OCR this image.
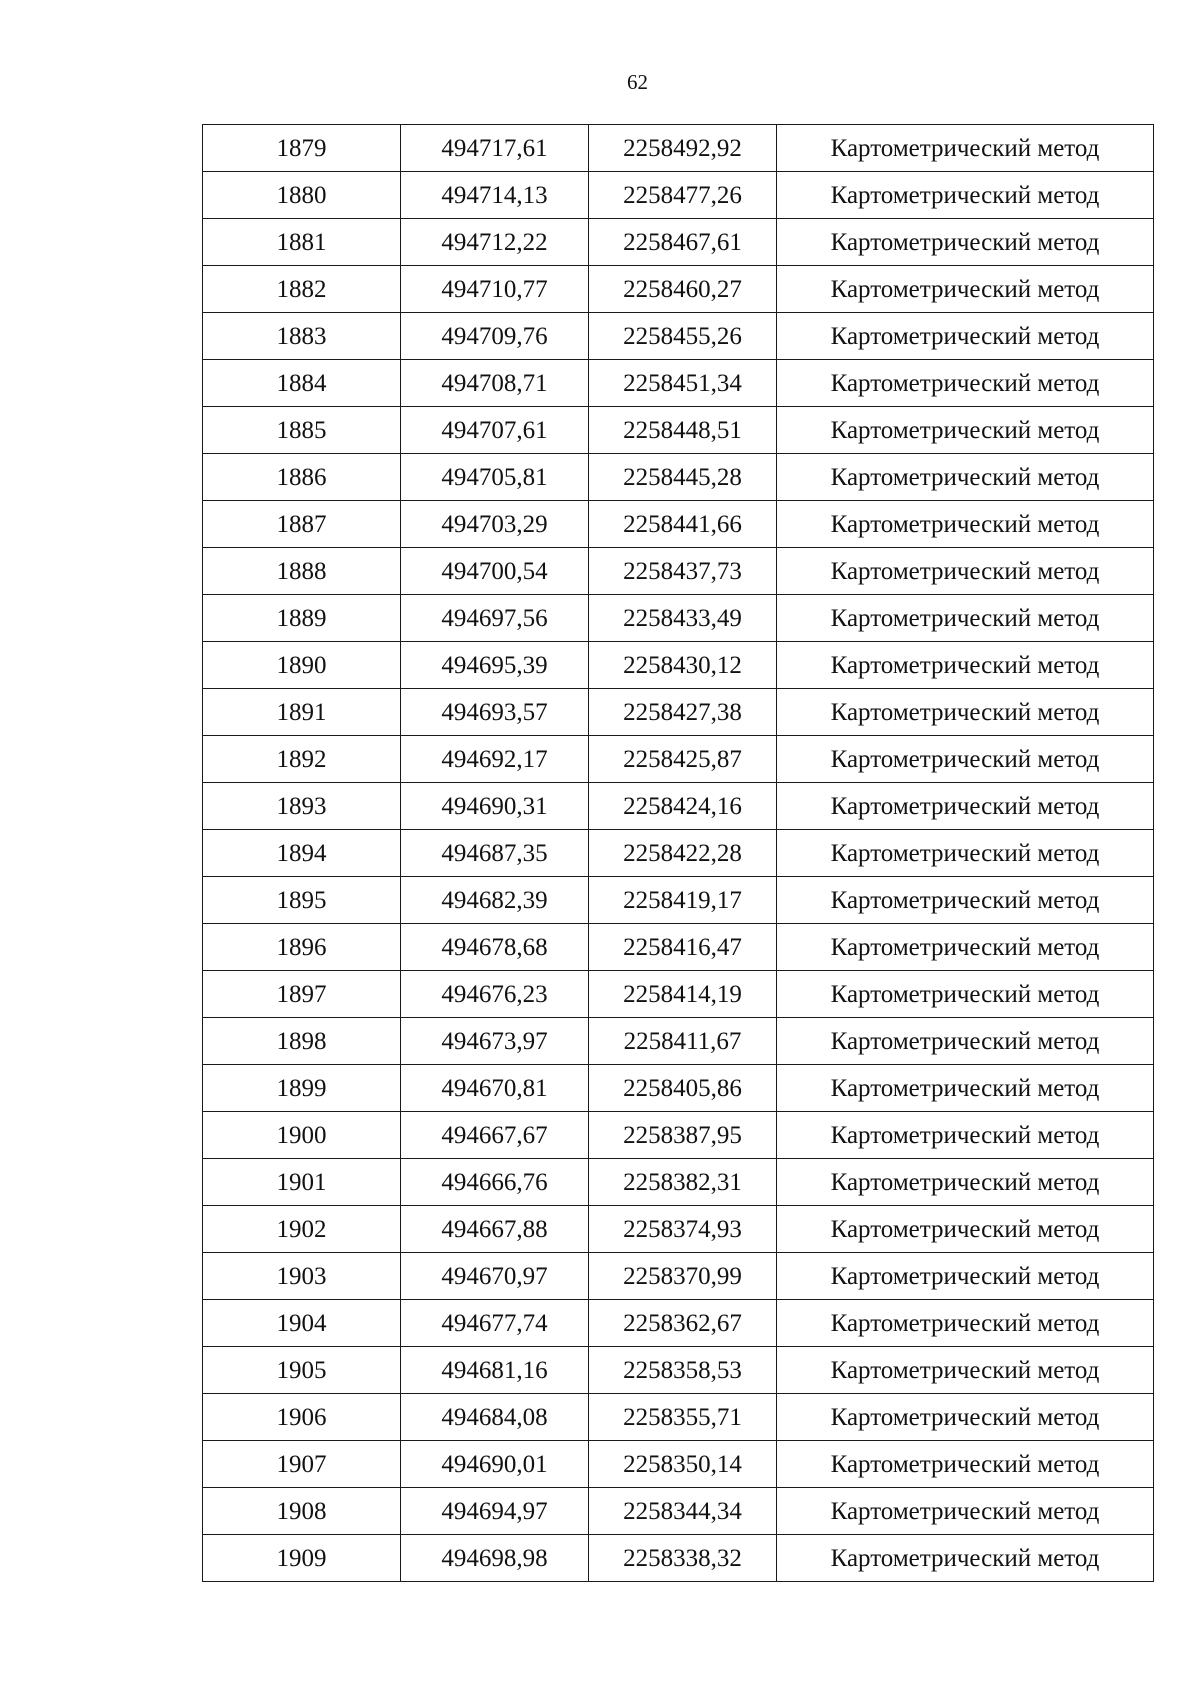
62
1879	494717,61	2258492,92	Картометрический метод
1880	494714,13	2258477,26	Картометрический метод
1881	494712,22	2258467,61	Картометрический метод
1882	494710,77	2258460,27	Картометрический метод
1883	494709,76	2258455,26	Картометрический метод
1884	494708,71	2258451,34	Картометрический метод
1885	494707,61	2258448,51	Картометрический метод
1886	494705,81	2258445,28	Картометрический метод
1887	494703,29	2258441,66	Картометрический метод
1888	494700,54	2258437,73	Картометрический метод
1889	494697,56	2258433,49	Картометрический метод
1890	494695,39	2258430,12	Картометрический метод
1891	494693,57	2258427,38	Картометрический метод
1892	494692,17	2258425,87	Картометрический метод
1893	494690,31	2258424,16	Картометрический метод
1894	494687,35	2258422,28	Картометрический метод
1895	494682,39	2258419,17	Картометрический метод
1896	494678,68	2258416,47	Картометрический метод
1897	494676,23	2258414,19	Картометрический метод
1898	494673,97	2258411,67	Картометрический метод
1899	494670,81	2258405,86	Картометрический метод
1900	494667,67	2258387,95	Картометрический метод
1901	494666,76	2258382,31	Картометрический метод
1902	494667,88	2258374,93	Картометрический метод
1903	494670,97	2258370,99	Картометрический метод
1904	494677,74	2258362,67	Картометрический метод
1905	494681,16	2258358,53	Картометрический метод
1906	494684,08	2258355,71	Картометрический метод
1907	494690,01	2258350,14	Картометрический метод
1908	494694,97	2258344,34	Картометрический метод
1909	494698,98	2258338,32	Картометрический метод
